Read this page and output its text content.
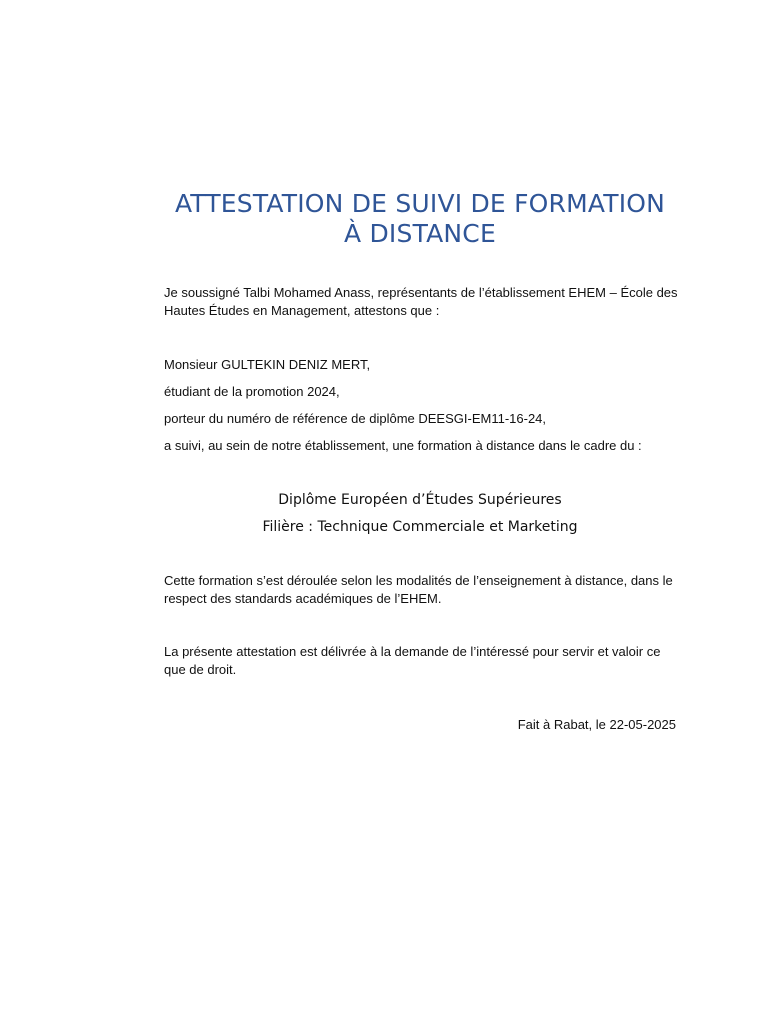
ATTESTATION DE SUIVI DE FORMATION
À DISTANCE
Je soussigné Talbi Mohamed Anass, représentants de l’établissement EHEM – École des Hautes Études en Management, attestons que :
Monsieur GULTEKIN DENIZ MERT,
étudiant de la promotion 2024,
porteur du numéro de référence de diplôme DEESGI-EM11-16-24,
a suivi, au sein de notre établissement, une formation à distance dans le cadre du :
Diplôme Européen d’Études Supérieures
Filière : Technique Commerciale et Marketing
Cette formation s’est déroulée selon les modalités de l’enseignement à distance, dans le respect des standards académiques de l’EHEM.
La présente attestation est délivrée à la demande de l’intéressé pour servir et valoir ce que de droit.
Fait à Rabat, le 22-05-2025
